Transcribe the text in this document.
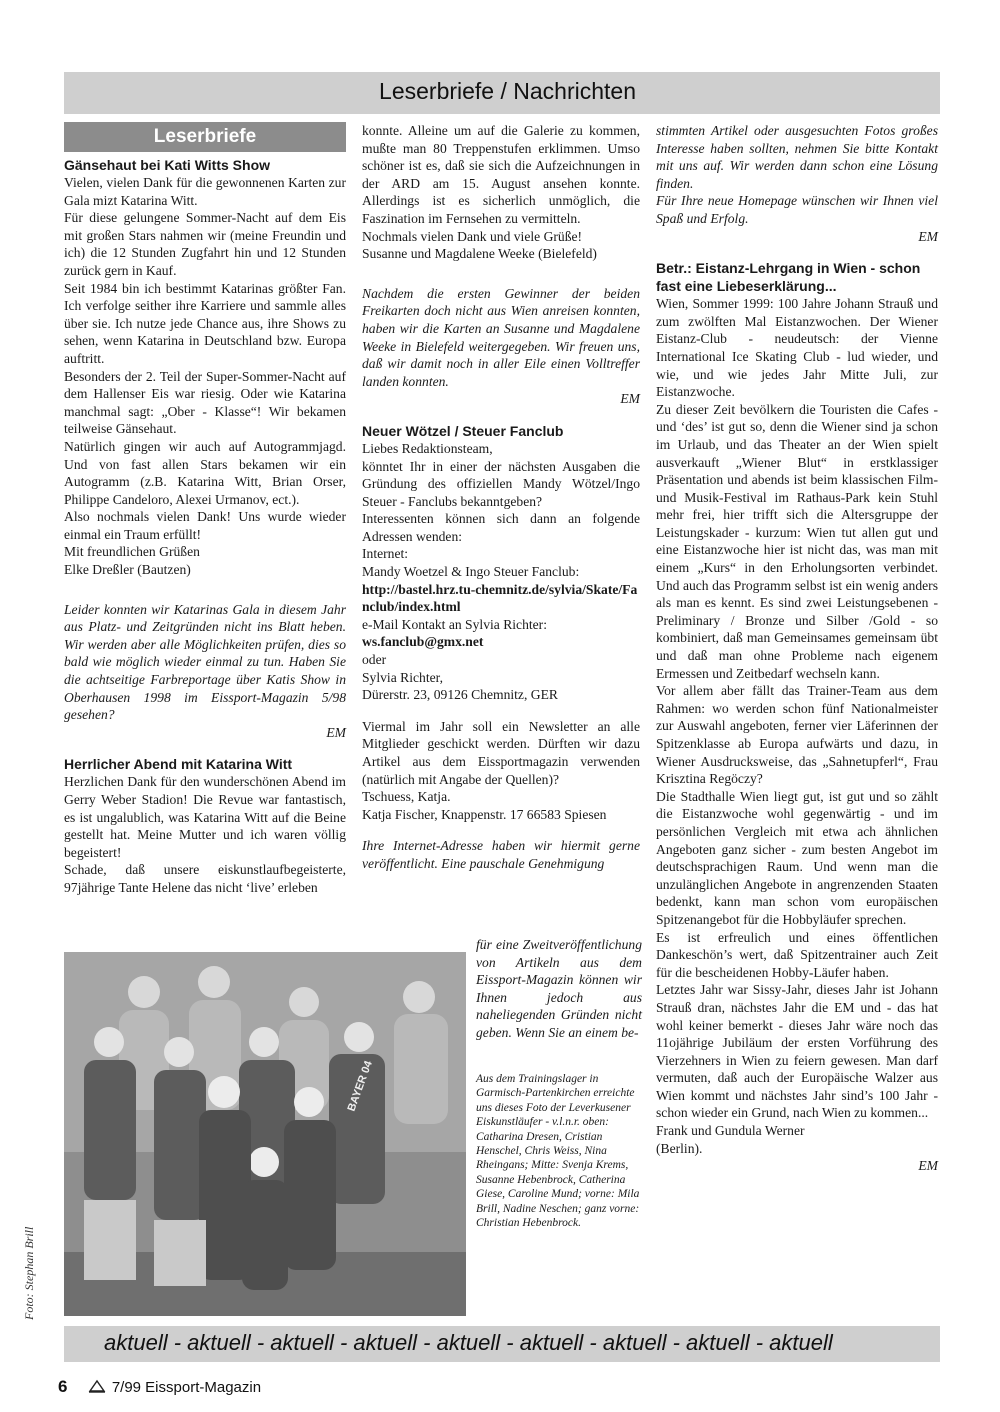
Leserbriefe / Nachrichten
Leserbriefe

Gänsehaut bei Kati Witts Show

Vielen, vielen Dank für die gewonnenen Karten zur Gala mizt Katarina Witt.

Für diese gelungene Sommer-Nacht auf dem Eis mit großen Stars nahmen wir (meine Freundin und ich) die 12 Stunden Zugfahrt hin und 12 Stunden zurück gern in Kauf.

Seit 1984 bin ich bestimmt Katarinas größter Fan. Ich verfolge seither ihre Karriere und sammle alles über sie. Ich nutze jede Chance aus, ihre Shows zu sehen, wenn Katarina in Deutschland bzw. Europa auftritt.

Besonders der 2. Teil der Super-Sommer-Nacht auf dem Hallenser Eis war riesig. Oder wie Katarina manchmal sagt: „Ober - Klasse“! Wir bekamen teilweise Gänsehaut.

Natürlich gingen wir auch auf Autogrammjagd. Und von fast allen Stars bekamen wir ein Autogramm (z.B. Katarina Witt, Brian Orser, Philippe Candeloro, Alexei Urmanov, ect.).

Also nochmals vielen Dank! Uns wurde wieder einmal ein Traum erfüllt!

Mit freundlichen Grüßen

Elke Dreßler (Bautzen)

Leider konnten wir Katarinas Gala in diesem Jahr aus Platz- und Zeitgründen nicht ins Blatt heben. Wir werden aber alle Möglichkeiten prüfen, dies so bald wie möglich wieder einmal zu tun. Haben Sie die achtseitige Farbreportage über Katis Show in Oberhausen 1998 im Eissport-Magazin 5/98 gesehen?

EM

Herrlicher Abend mit Katarina Witt

Herzlichen Dank für den wunderschönen Abend im Gerry Weber Stadion! Die Revue war fantastisch, es ist ungalublich, was Katarina Witt auf die Beine gestellt hat. Meine Mutter und ich waren völlig begeistert!

Schade, daß unsere eiskunstlaufbegeisterte, 97jährige Tante Helene das nicht ‘live’ erleben

konnte. Alleine um auf die Galerie zu kommen, mußte man 80 Treppenstufen erklimmen. Umso schöner ist es, daß sie sich die Aufzeichnungen in der ARD am 15. August ansehen konnte. Allerdings ist es sicherlich unmöglich, die Faszination im Fernsehen zu vermitteln.

Nochmals vielen Dank und viele Grüße!

Susanne und Magdalene Weeke (Bielefeld)

Nachdem die ersten Gewinner der beiden Freikarten doch nicht aus Wien anreisen konnten, haben wir die Karten an Susanne und Magdalene Weeke in Bielefeld weitergegeben. Wir freuen uns, daß wir damit noch in aller Eile einen Volltreffer landen konnten.

EM

Neuer Wötzel / Steuer Fanclub

Liebes Redaktionsteam,

könntet Ihr in einer der nächsten Ausgaben die Gründung des offiziellen Mandy Wötzel/Ingo Steuer - Fanclubs bekanntgeben?

Interessenten können sich dann an folgende Adressen wenden:

Internet:

Mandy Woetzel & Ingo Steuer Fanclub:

http://bastel.hrz.tu-chemnitz.de/sylvia/Skate/Fanclub/index.html

e-Mail Kontakt an Sylvia Richter:

ws.fanclub@gmx.net

oder

Sylvia Richter,

Dürerstr. 23, 09126 Chemnitz, GER

Viermal im Jahr soll ein Newsletter an alle Mitglieder geschickt werden. Dürften wir dazu Artikel aus dem Eissportmagazin verwenden (natürlich mit Angabe der Quellen)?

Tschuess, Katja.

Katja Fischer, Knappenstr. 17 66583 Spiesen

Ihre Internet-Adresse haben wir hiermit gerne veröffentlicht. Eine pauschale Genehmigung

für eine Zweitveröffentlichung von Artikeln aus dem Eissport-Magazin können wir Ihnen jedoch aus naheliegenden Gründen nicht geben. Wenn Sie an einem be-
BAYER 04	Aus dem Trainingslager in Garmisch-Partenkirchen erreichte uns dieses Foto der Leverkusener Eiskunstläufer - v.l.n.r. oben: Catharina Dresen, Cristian Henschel, Chris Weiss, Nina Rheingans; Mitte: Svenja Krems, Susanne Hebenbrock, Catherina Giese, Caroline Mund; vorne: Mila Brill, Nadine Neschen; ganz vorne: Christian Hebenbrock.
Foto: Stephan Brill

stimmten Artikel oder ausgesuchten Fotos großes Interesse haben sollten, nehmen Sie bitte Kontakt mit uns auf. Wir werden dann schon eine Lösung finden.

Für Ihre neue Homepage wünschen wir Ihnen viel Spaß und Erfolg.

EM

Betr.: Eistanz-Lehrgang in Wien - schon fast eine Liebeserklärung...

Wien, Sommer 1999: 100 Jahre Johann Strauß und zum zwölften Mal Eistanzwochen. Der Wiener Eistanz-Club - neudeutsch: der Vienne International Ice Skating Club - lud wieder, und wie, und wie jedes Jahr Mitte Juli, zur Eistanzwoche.

Zu dieser Zeit bevölkern die Touristen die Cafes - und ‘des’ ist gut so, denn die Wiener sind ja schon im Urlaub, und das Theater an der Wien spielt ausverkauft „Wiener Blut“ in erstklassiger Präsentation und abends ist beim klassischen Film- und Musik-Festival im Rathaus-Park kein Stuhl mehr frei, hier trifft sich die Altersgruppe der Leistungskader - kurzum: Wien tut allen gut und eine Eistanzwoche hier ist nicht das, was man mit einem „Kurs“ in den Erholungsorten verbindet. Und auch das Programm selbst ist ein wenig anders als man es kennt. Es sind zwei Leistungsebenen - Preliminary / Bronze und Silber /Gold - so kombiniert, daß man Gemeinsames gemeinsam übt und daß man ohne Probleme nach eigenem Ermessen und Zeitbedarf wechseln kann.

Vor allem aber fällt das Trainer-Team aus dem Rahmen: wo werden schon fünf Nationalmeister zur Auswahl angeboten, ferner vier Läferinnen der Spitzenklasse ab Europa aufwärts und dazu, in Wiener Ausdrucksweise, das „Sahnetupferl“, Frau Krisztina Regöczy?

Die Stadthalle Wien liegt gut, ist gut und so zählt die Eistanzwoche wohl gegenwärtig - und im persönlichen Vergleich mit etwa ach ähnlichen Angeboten ganz sicher - zum besten Angebot im deutschsprachigen Raum. Und wenn man die unzulänglichen Angebote in angrenzenden Staaten bedenkt, kann man schon vom europäischen Spitzenangebot für die Hobbyläufer sprechen.

Es ist erfreulich und eines öffentlichen Dankeschön’s wert, daß Spitzentrainer auch Zeit für die bescheidenen Hobby-Läufer haben.

Letztes Jahr war Sissy-Jahr, dieses Jahr ist Johann Strauß dran, nächstes Jahr die EM und - das hat wohl keiner bemerkt - dieses Jahr wäre noch das 11ojährige Jubiläum der ersten Vorführung des Vierzehners in Wien zu feiern gewesen. Man darf vermuten, daß auch der Europäische Walzer aus Wien kommt und nächstes Jahr sind’s 100 Jahr - schon wieder ein Grund, nach Wien zu kommen...

Frank und Gundula Werner

(Berlin).

EM

aktuell - aktuell - aktuell - aktuell - aktuell - aktuell - aktuell - aktuell - aktuell
6	7/99 Eissport-Magazin
